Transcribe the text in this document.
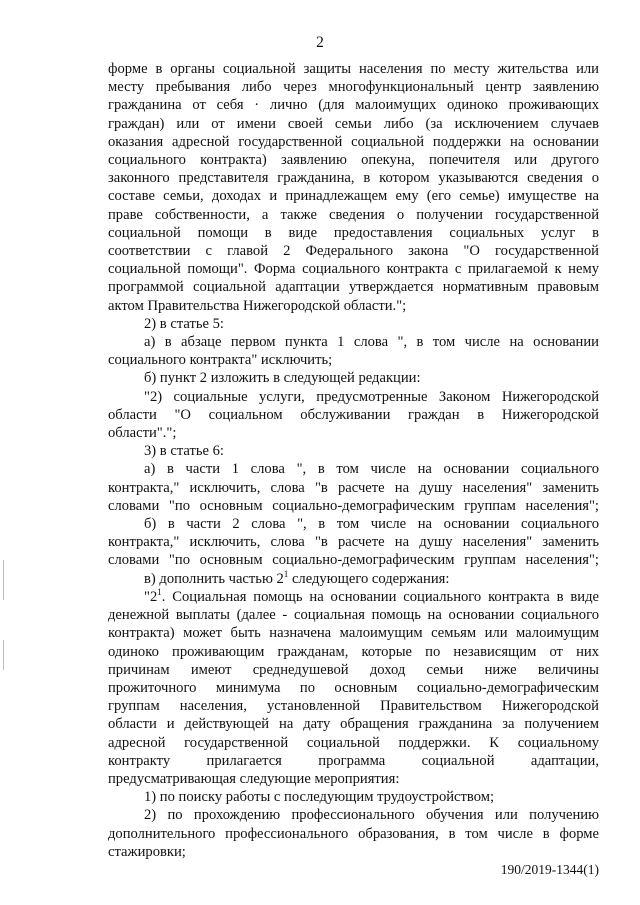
2

форме в органы социальной защиты населения по месту жительства или

месту пребывания либо через многофункциональный центр заявлению

гражданина от себя · лично (для малоимущих одиноко проживающих

граждан) или от имени своей семьи либо (за исключением случаев

оказания адресной государственной социальной поддержки на основании

социального контракта) заявлению опекуна, попечителя или другого

законного представителя гражданина, в котором указываются сведения о

составе семьи, доходах и принадлежащем ему (его семье) имуществе на

праве собственности, а также сведения о получении государственной

социальной помощи в виде предоставления социальных услуг в

соответствии с главой 2 Федерального закона "О государственной

социальной помощи". Форма социального контракта с прилагаемой к нему

программой социальной адаптации утверждается нормативным правовым

актом Правительства Нижегородской области.";

2) в статье 5:

а) в абзаце первом пункта 1 слова ", в том числе на основании

социального контракта" исключить;

б) пункт 2 изложить в следующей редакции:

"2) социальные услуги, предусмотренные Законом Нижегородской

области "О социальном обслуживании граждан в Нижегородской

области".";

3) в статье 6:

а) в части 1 слова ", в том числе на основании социального

контракта," исключить, слова "в расчете на душу населения" заменить

словами "по основным социально-демографическим группам населения";

б) в части 2 слова ", в том числе на основании социального

контракта," исключить, слова "в расчете на душу населения" заменить

словами "по основным социально-демографическим группам населения";

в) дополнить частью $2^1$ следующего содержания:

"$2^1$. Социальная помощь на основании социального контракта в виде

денежной выплаты (далее - социальная помощь на основании социального

контракта) может быть назначена малоимущим семьям или малоимущим

одиноко проживающим гражданам, которые по независящим от них

причинам имеют среднедушевой доход семьи ниже величины

прожиточного минимума по основным социально-демографическим

группам населения, установленной Правительством Нижегородской

области и действующей на дату обращения гражданина за получением

адресной государственной социальной поддержки. К социальному

контракту прилагается программа социальной адаптации,

предусматривающая следующие мероприятия:

1) по поиску работы с последующим трудоустройством;

2) по прохождению профессионального обучения или получению

дополнительного профессионального образования, в том числе в форме

стажировки;

190/2019-1344(1)
